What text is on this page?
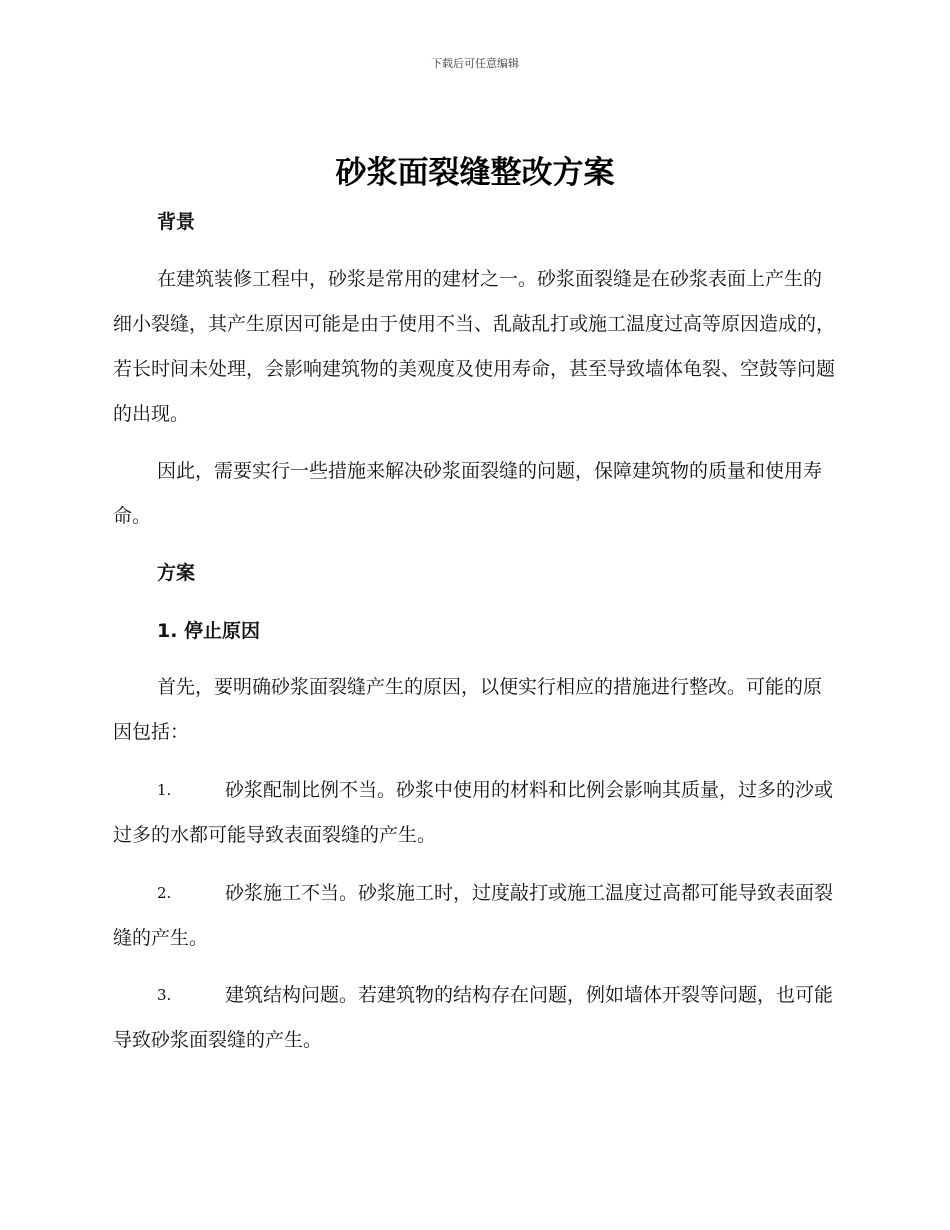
下载后可任意编辑
砂浆面裂缝整改方案
背景
在建筑装修工程中，砂浆是常用的建材之一。砂浆面裂缝是在砂浆表面上产生的细小裂缝，其产生原因可能是由于使用不当、乱敲乱打或施工温度过高等原因造成的，若长时间未处理，会影响建筑物的美观度及使用寿命，甚至导致墙体龟裂、空鼓等问题的出现。
因此，需要实行一些措施来解决砂浆面裂缝的问题，保障建筑物的质量和使用寿命。
方案
1. 停止原因
首先，要明确砂浆面裂缝产生的原因，以便实行相应的措施进行整改。可能的原因包括：
1.	砂浆配制比例不当。砂浆中使用的材料和比例会影响其质量，过多的沙或过多的水都可能导致表面裂缝的产生。
2.	砂浆施工不当。砂浆施工时，过度敲打或施工温度过高都可能导致表面裂缝的产生。
3.	建筑结构问题。若建筑物的结构存在问题，例如墙体开裂等问题，也可能导致砂浆面裂缝的产生。
